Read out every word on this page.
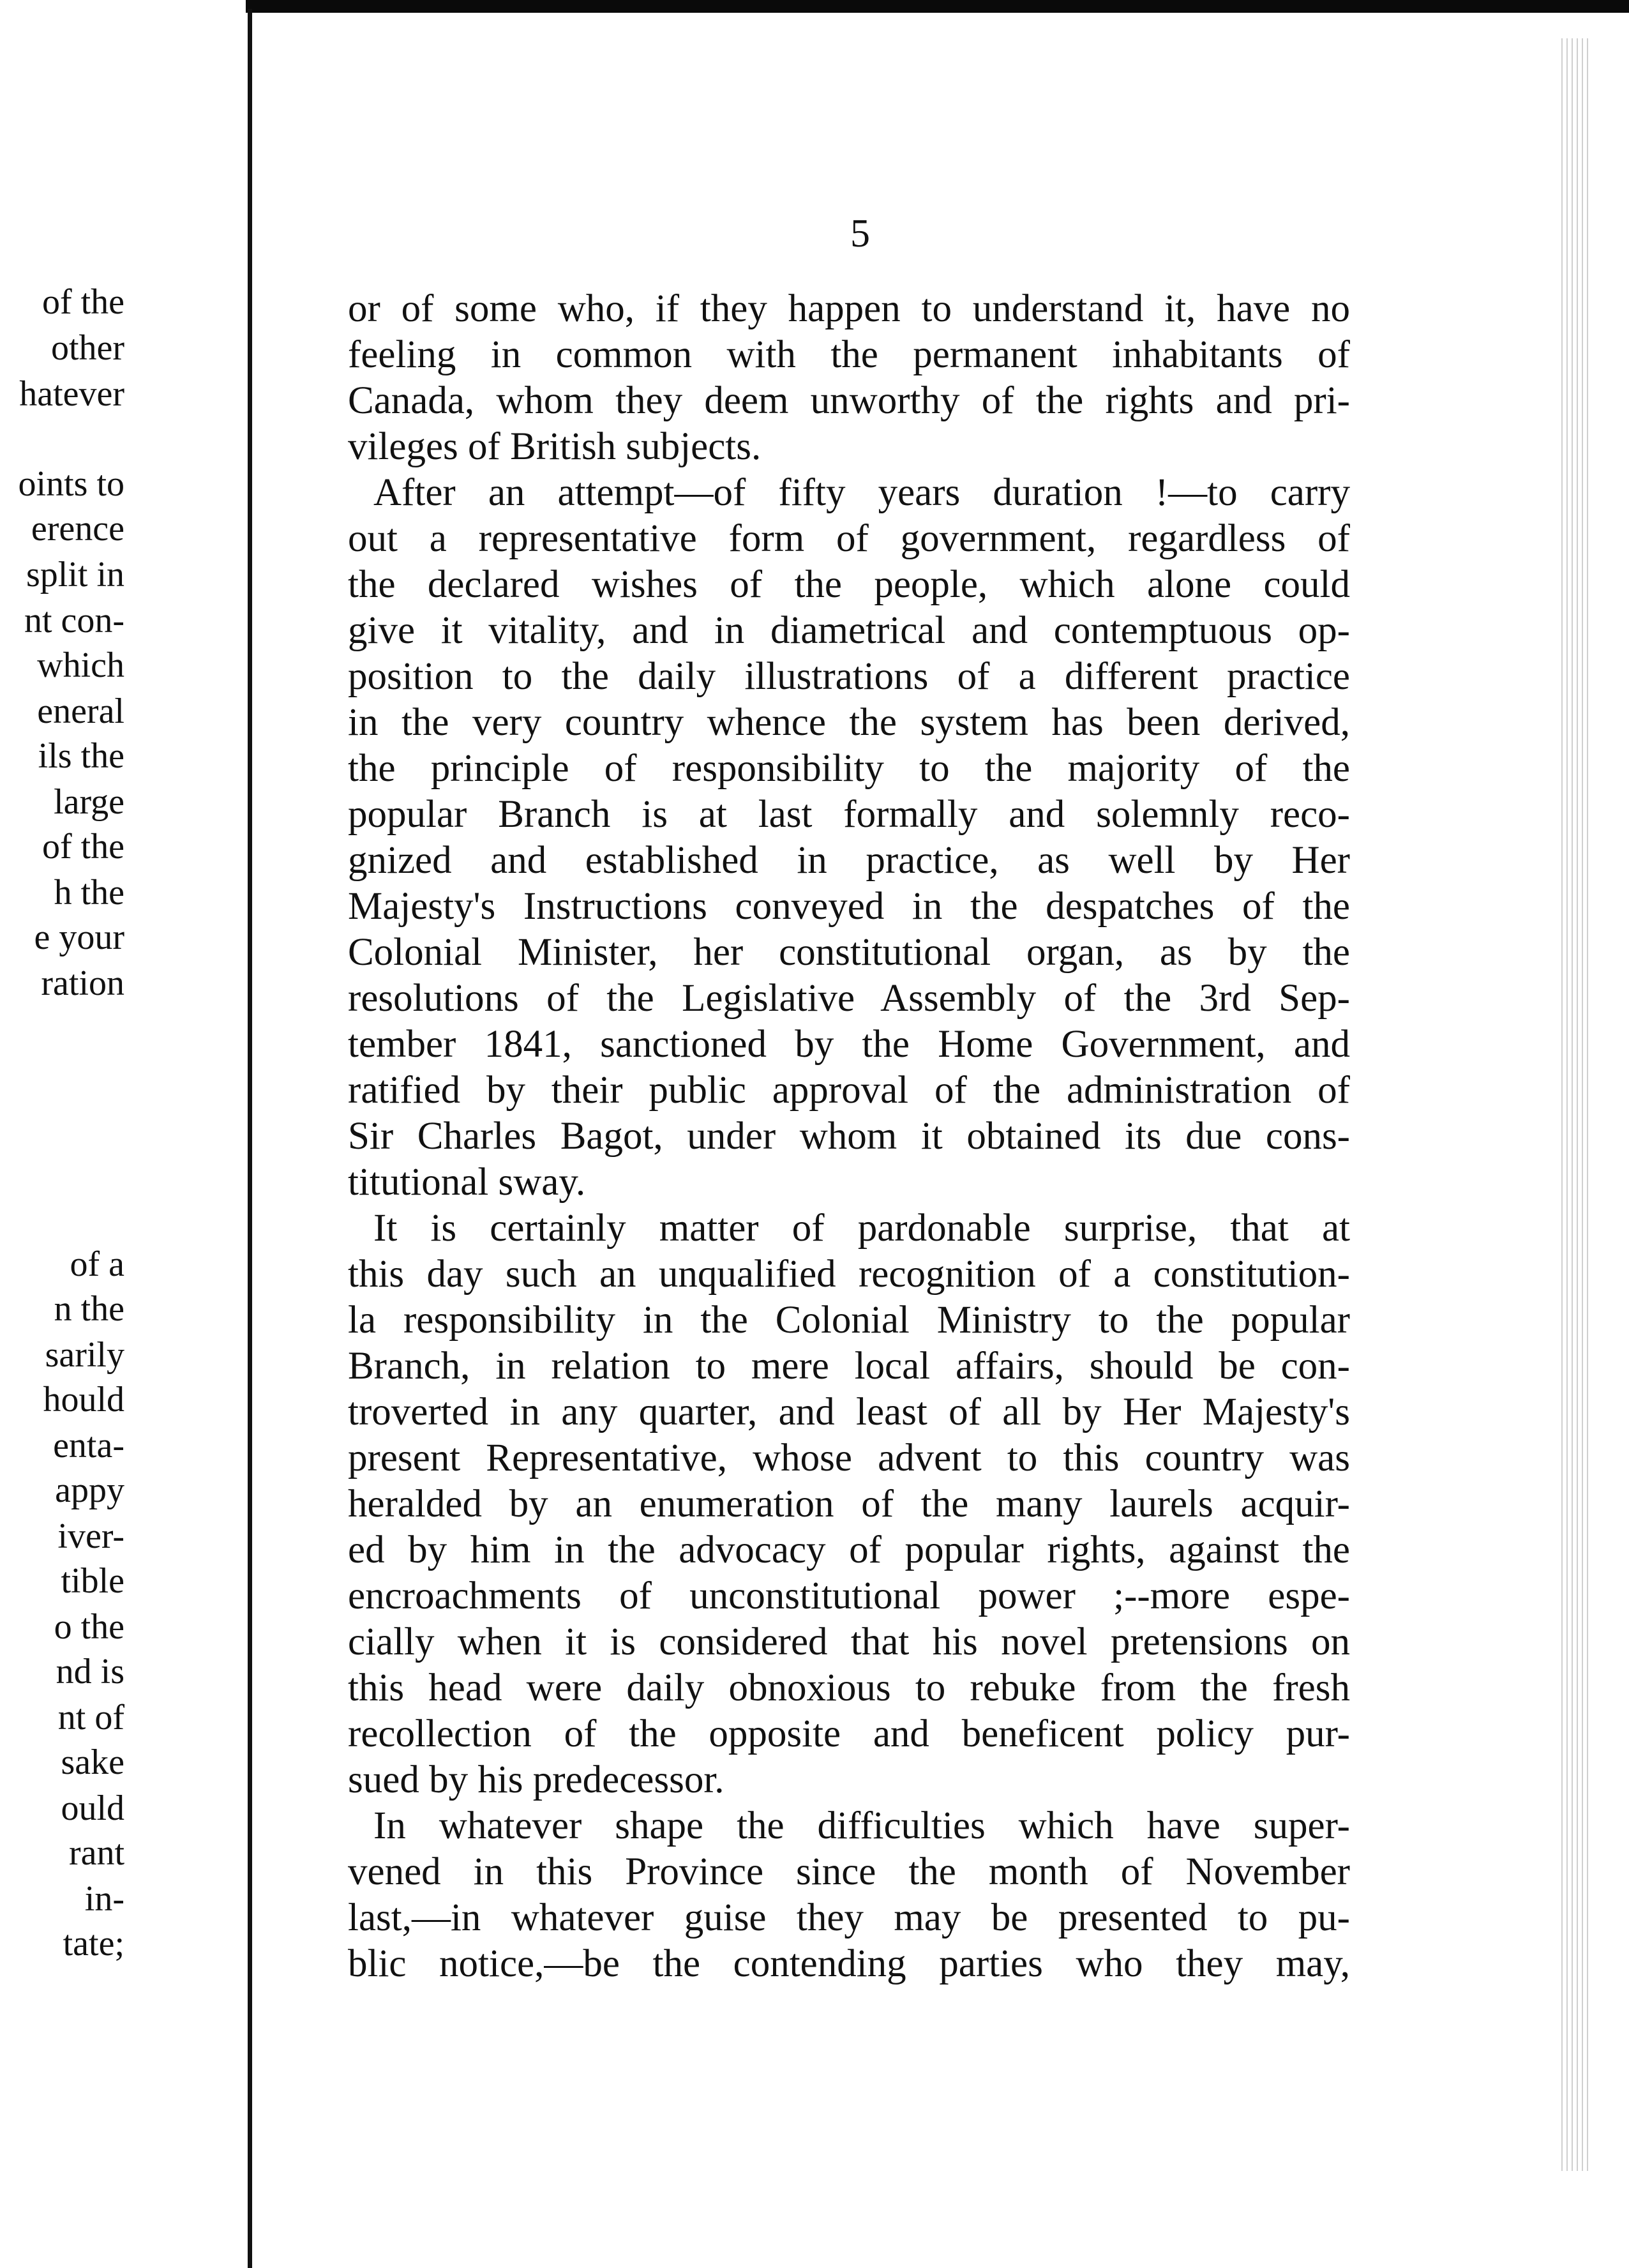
of the
other
hatever
oints to
erence
split in
nt con-
which
eneral
ils the
large
of the
h the
e your
ration
of a
n the
sarily
hould
enta-
appy
iver-
tible
o the
nd is
nt of
sake
ould
rant
in-
tate;
5
or of some who, if they happen to understand it, have no
feeling in common with the permanent inhabitants of
Canada, whom they deem unworthy of the rights and pri-
vileges of British subjects.
After an attempt—of fifty years duration !—to carry
out a representative form of government, regardless of
the declared wishes of the people, which alone could
give it vitality, and in diametrical and contemptuous op-
position to the daily illustrations of a different practice
in the very country whence the system has been derived,
the principle of responsibility to the majority of the
popular Branch is at last formally and solemnly reco-
gnized and established in practice, as well by Her
Majesty's Instructions conveyed in the despatches of the
Colonial Minister, her constitutional organ, as by the
resolutions of the Legislative Assembly of the 3rd Sep-
tember 1841, sanctioned by the Home Government, and
ratified by their public approval of the administration of
Sir Charles Bagot, under whom it obtained its due cons-
titutional sway.
It is certainly matter of pardonable surprise, that at
this day such an unqualified recognition of a constitution-
la responsibility in the Colonial Ministry to the popular
Branch, in relation to mere local affairs, should be con-
troverted in any quarter, and least of all by Her Majesty's
present Representative, whose advent to this country was
heralded by an enumeration of the many laurels acquir-
ed by him in the advocacy of popular rights, against the
encroachments of unconstitutional power ;--more espe-
cially when it is considered that his novel pretensions on
this head were daily obnoxious to rebuke from the fresh
recollection of the opposite and beneficent policy pur-
sued by his predecessor.
In whatever shape the difficulties which have super-
vened in this Province since the month of November
last,—in whatever guise they may be presented to pu-
blic notice,—be the contending parties who they may,
